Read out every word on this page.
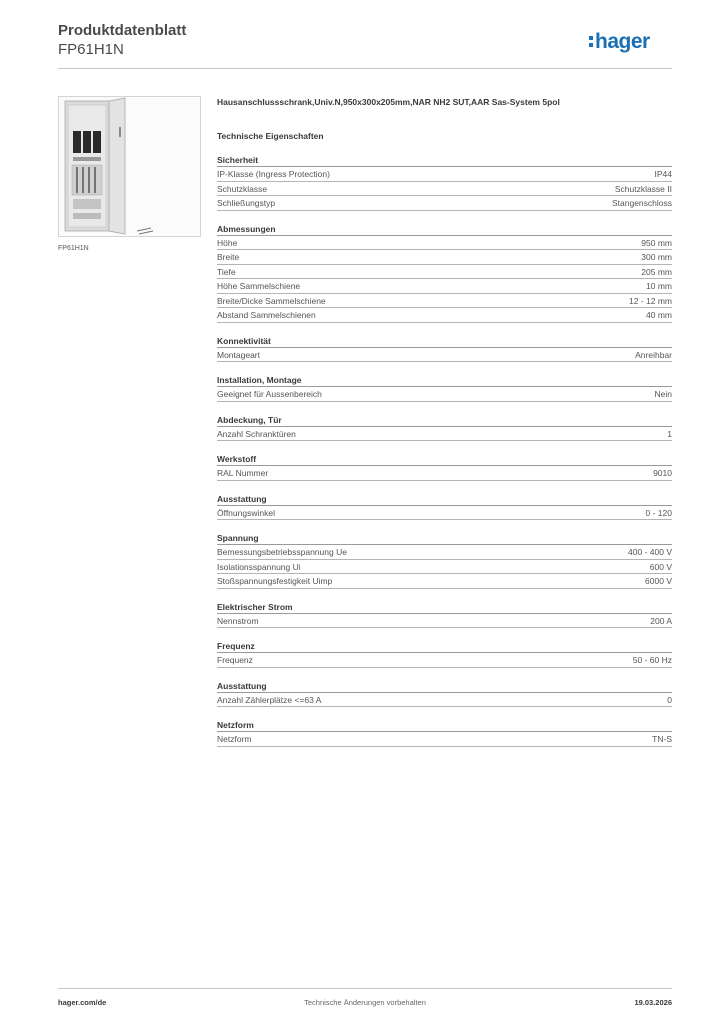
Produktdatenblatt
FP61H1N	hager
FP61H1N
Hausanschlussschrank,Univ.N,950x300x205mm,NAR NH2 SUT,AAR Sas-System 5pol
Technische Eigenschaften
Sicherheit
IP-Klasse (Ingress Protection)	IP44
Schutzklasse	Schutzklasse II
Schließungstyp	Stangenschloss
Abmessungen
Höhe	950 mm
Breite	300 mm
Tiefe	205 mm
Höhe Sammelschiene	10 mm
Breite/Dicke Sammelschiene	12 - 12 mm
Abstand Sammelschienen	40 mm
Konnektivität
Montageart	Anreihbar
Installation, Montage
Geeignet für Aussenbereich	Nein
Abdeckung, Tür
Anzahl Schranktüren	1
Werkstoff
RAL Nummer	9010
Ausstattung
Öffnungswinkel	0 - 120
Spannung
Bemessungsbetriebsspannung Ue	400 - 400 V
Isolationsspannung Ui	600 V
Stoßspannungsfestigkeit Uimp	6000 V
Elektrischer Strom
Nennstrom	200 A
Frequenz
Frequenz	50 - 60 Hz
Ausstattung
Anzahl Zählerplätze <=63 A	0
Netzform
Netzform	TN-S
hager.com/de	Technische Änderungen vorbehalten	19.03.2026
